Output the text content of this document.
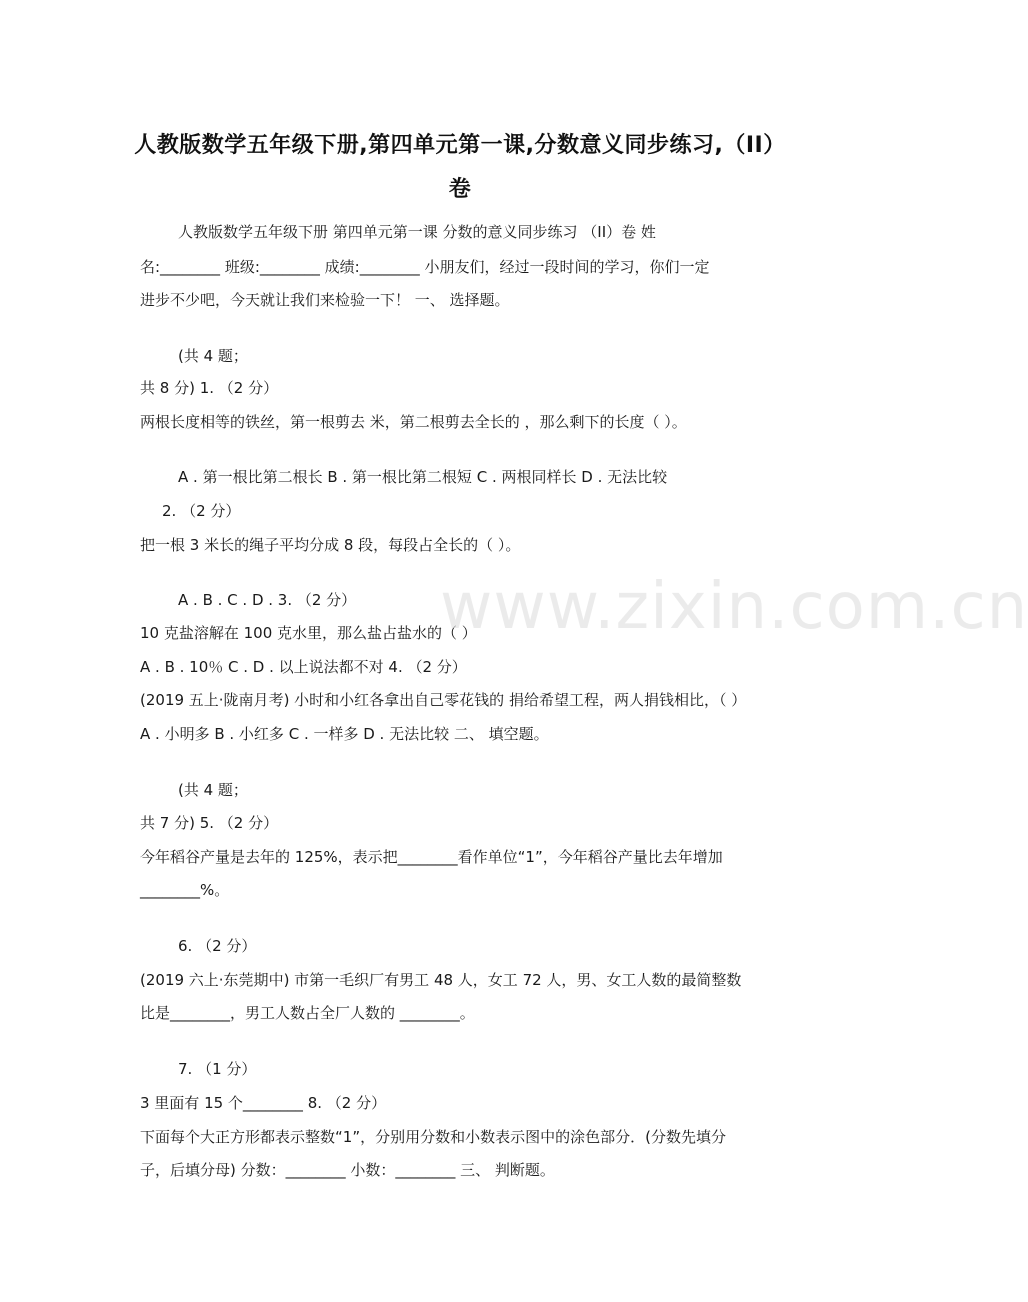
人教版数学五年级下册,第四单元第一课,分数意义同步练习,（II）
卷
人教版数学五年级下册 第四单元第一课 分数的意义同步练习 （II）卷 姓
名:________ 班级:________ 成绩:________ 小朋友们，经过一段时间的学习，你们一定
进步不少吧，今天就让我们来检验一下！ 一、 选择题。
(共 4 题；
共 8 分) 1. （2 分）
两根长度相等的铁丝，第一根剪去 米，第二根剪去全长的 ，那么剩下的长度（ ）。
A . 第一根比第二根长 B . 第一根比第二根短 C . 两根同样长 D . 无法比较
2. （2 分）
把一根 3 米长的绳子平均分成 8 段，每段占全长的（ ）。
A . B . C . D . 3. （2 分）
10 克盐溶解在 100 克水里，那么盐占盐水的（ ）
A . B . 10％ C . D . 以上说法都不对 4. （2 分）
(2019 五上·陇南月考) 小时和小红各拿出自己零花钱的 捐给希望工程，两人捐钱相比，（ ）
A . 小明多 B . 小红多 C . 一样多 D . 无法比较 二、 填空题。
(共 4 题；
共 7 分) 5. （2 分）
今年稻谷产量是去年的 125%，表示把________看作单位“1”，今年稻谷产量比去年增加
________%。
6. （2 分）
(2019 六上·东莞期中) 市第一毛织厂有男工 48 人，女工 72 人，男、女工人数的最简整数
比是________，男工人数占全厂人数的 ________。
7. （1 分）
3 里面有 15 个________ 8. （2 分）
下面每个大正方形都表示整数“1”，分别用分数和小数表示图中的涂色部分．(分数先填分
子，后填分母) 分数：________ 小数：________ 三、 判断题。
www.zixin.com.cn
